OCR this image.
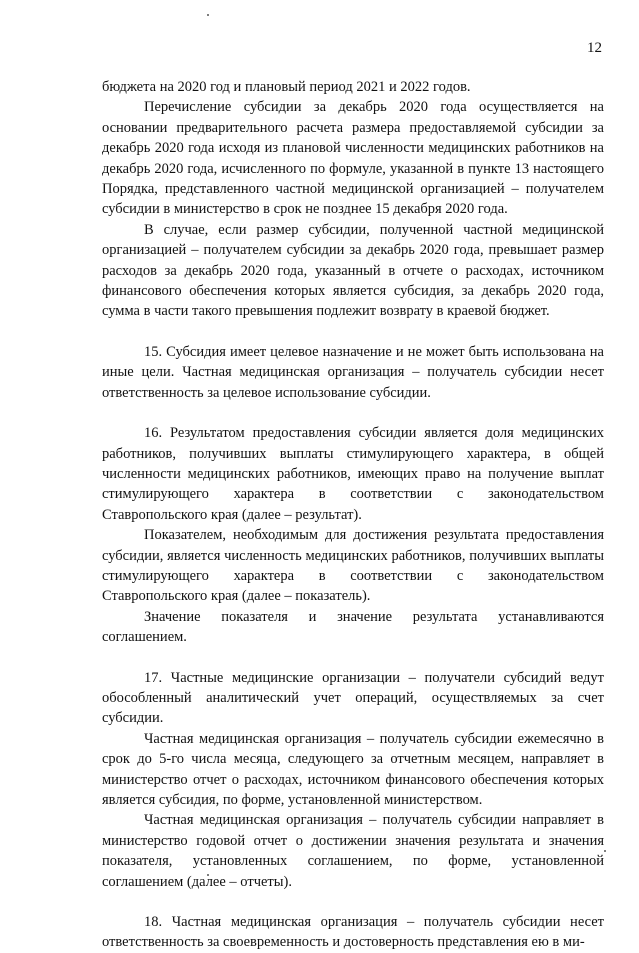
12

бюджета на 2020 год и плановый период 2021 и 2022 годов.

Перечисление субсидии за декабрь 2020 года осуществляется на основании предварительного расчета размера предоставляемой субсидии за декабрь 2020 года исходя из плановой численности медицинских работников на декабрь 2020 года, исчисленного по формуле, указанной в пункте 13 настоящего Порядка, представленного частной медицинской организацией – получателем субсидии в министерство в срок не позднее 15 декабря 2020 года.

В случае, если размер субсидии, полученной частной медицинской организацией – получателем субсидии за декабрь 2020 года, превышает размер расходов за декабрь 2020 года, указанный в отчете о расходах, источником финансового обеспечения которых является субсидия, за декабрь 2020 года, сумма в части такого превышения подлежит возврату в краевой бюджет.

15. Субсидия имеет целевое назначение и не может быть использована на иные цели. Частная медицинская организация – получатель субсидии несет ответственность за целевое использование субсидии.

16. Результатом предоставления субсидии является доля медицинских работников, получивших выплаты стимулирующего характера, в общей численности медицинских работников, имеющих право на получение выплат стимулирующего характера в соответствии с законодательством Ставропольского края (далее – результат).

Показателем, необходимым для достижения результата предоставления субсидии, является численность медицинских работников, получивших выплаты стимулирующего характера в соответствии с законодательством Ставропольского края (далее – показатель).

Значение показателя и значение результата устанавливаются соглашением.

17. Частные медицинские организации – получатели субсидий ведут обособленный аналитический учет операций, осуществляемых за счет субсидии.

Частная медицинская организация – получатель субсидии ежемесячно в срок до 5-го числа месяца, следующего за отчетным месяцем, направляет в министерство отчет о расходах, источником финансового обеспечения которых является субсидия, по форме, установленной министерством.

Частная медицинская организация – получатель субсидии направляет в министерство годовой отчет о достижении значения результата и значения показателя, установленных соглашением, по форме, установленной соглашением (далее – отчеты).

18. Частная медицинская организация – получатель субсидии несет ответственность за своевременность и достоверность представления ею в ми-
